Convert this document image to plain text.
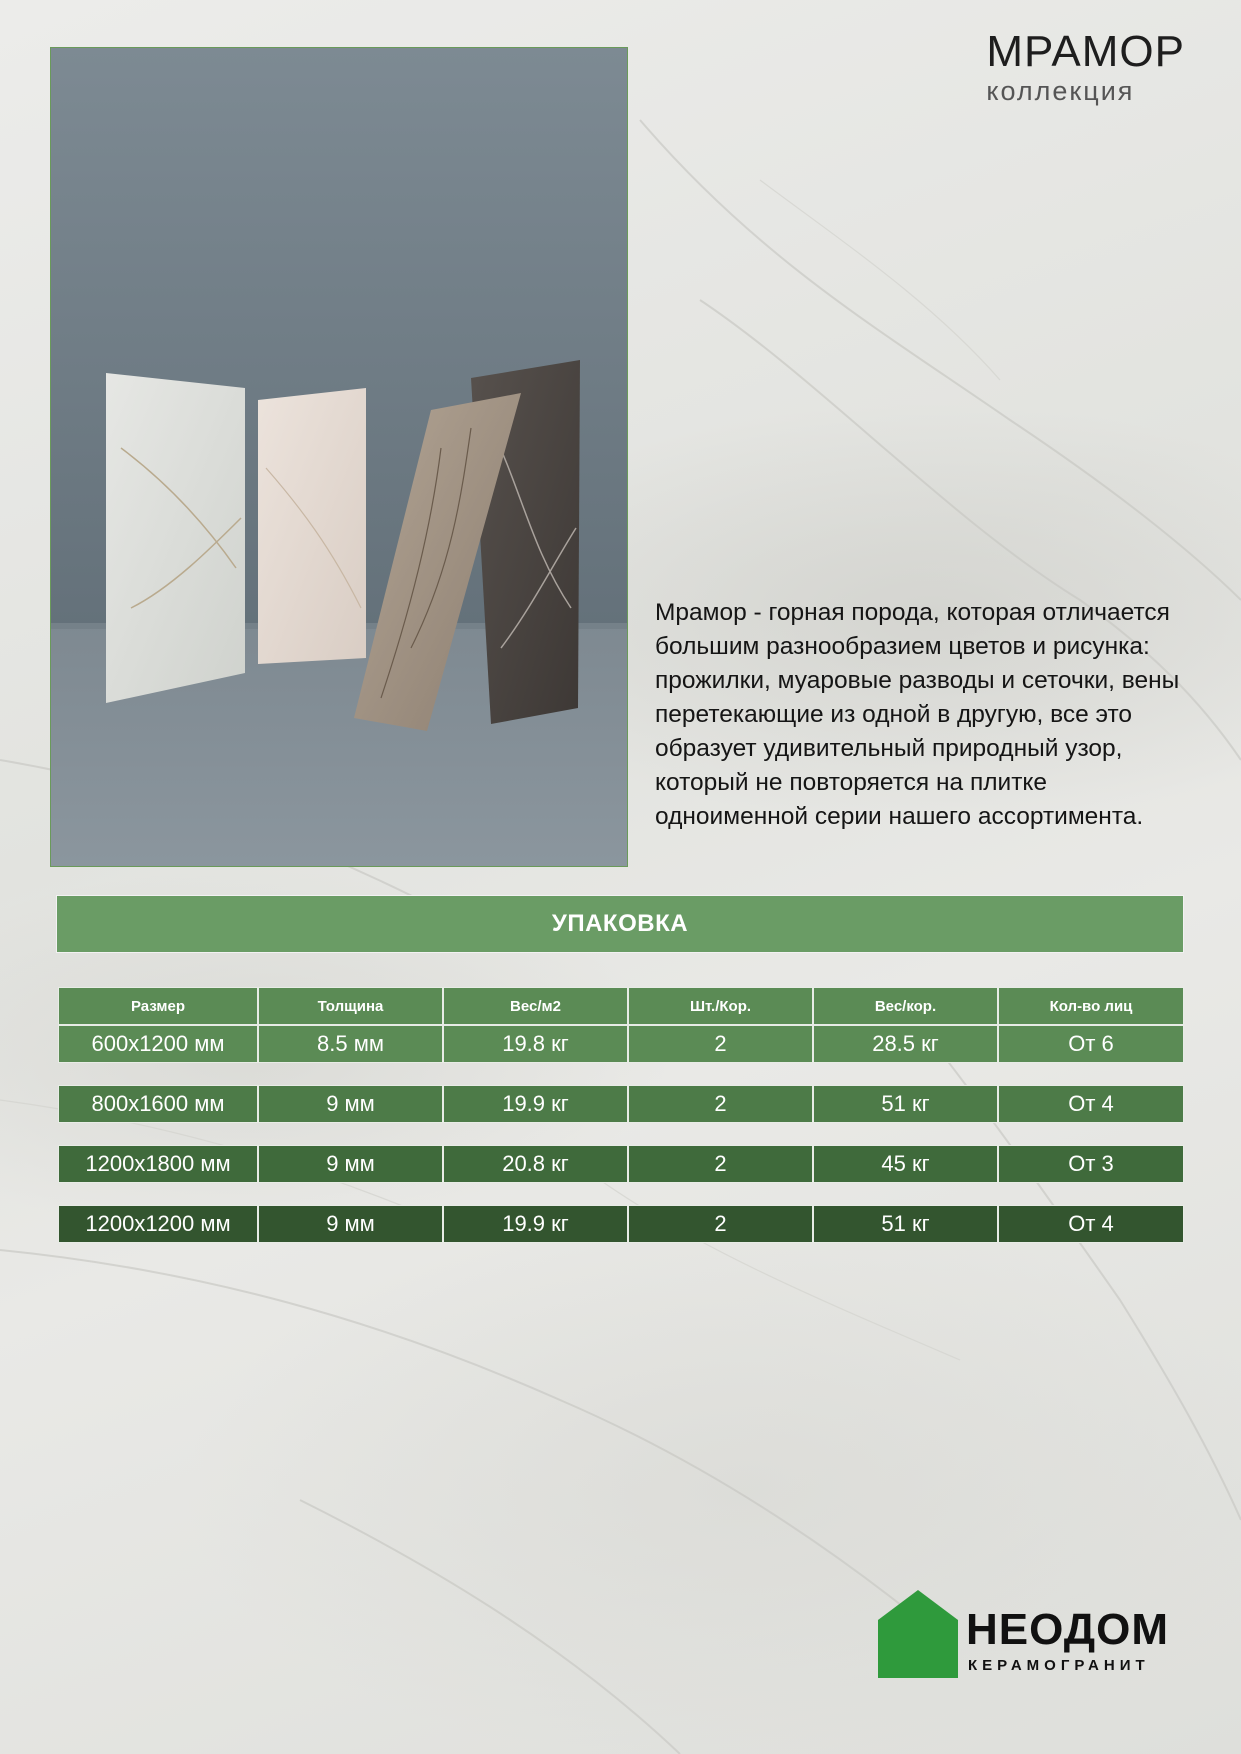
МРАМОР
коллекция

Мрамор - горная порода, которая отличается большим разнообразием цветов и рисунка: прожилки, муаровые разводы и сеточки, вены перетекающие из одной в другую, все это образует удивительный природный узор, который не повторяется на плитке одноименной серии нашего ассортимента.

УПАКОВКА
Размер	Толщина	Вес/м2	Шт./Кор.	Вес/кор.	Кол-во лиц
600x1200 мм	8.5 мм	19.8 кг	2	28.5 кг	От 6
800x1600 мм	9 мм	19.9 кг	2	51 кг	От 4
1200x1800 мм	9 мм	20.8 кг	2	45 кг	От 3
1200x1200 мм	9 мм	19.9 кг	2	51 кг	От 4
НЕОДОМ
КЕРАМОГРАНИТ
